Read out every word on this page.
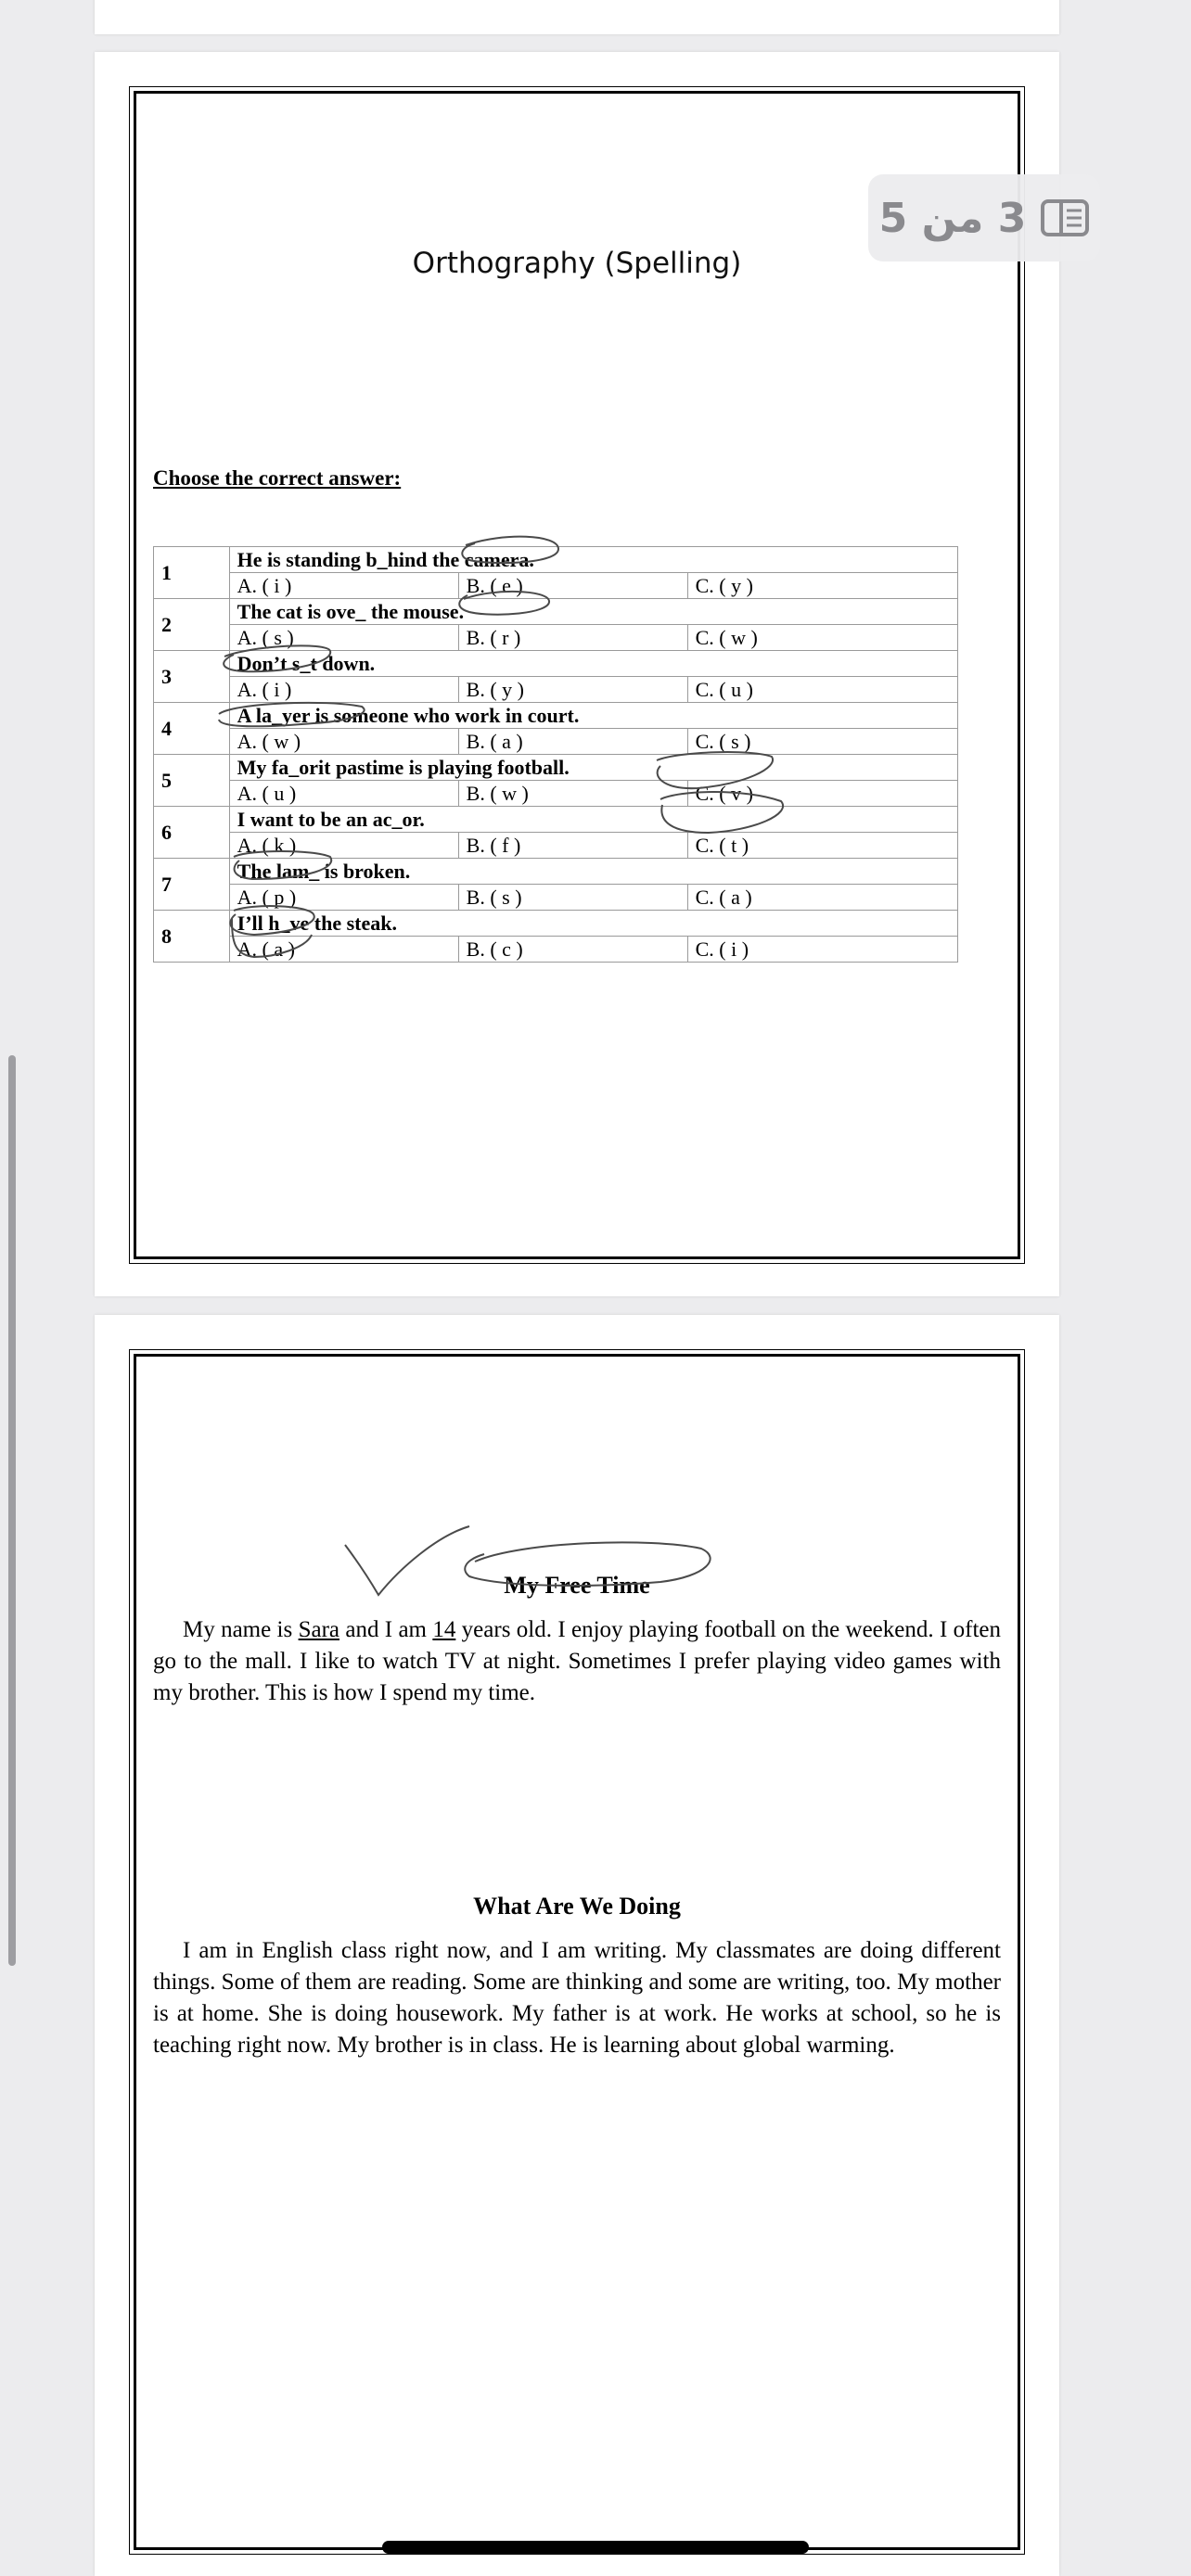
Orthography (Spelling)
Choose the correct answer:
1	He is standing b_hind the camera.		
	A. ( i )	B. ( e )	C. ( y )
2	The cat is ove_ the mouse.		
	A. ( s )	B. ( r )	C. ( w )
3	Don’t s_t down.		
	A. ( i )	B. ( y )	C. ( u )
4	A la_yer is someone who work in court.		
	A. ( w )	B. ( a )	C. ( s )
5	My fa_orit pastime is playing football.		
	A. ( u )	B. ( w )	C. ( v )
6	I want to be an ac_or.		
	A. ( k )	B. ( f )	C. ( t )
7	The lam_ is broken.		
	A. ( p )	B. ( s )	C. ( a )
8	I’ll h_ve the steak.		
	A. ( a )	B. ( c )	C. ( i )
My Free Time
My name is Sara and I am 14 years old. I enjoy playing football on the weekend. I often go to the mall. I like to watch TV at night. Sometimes I prefer playing video games with my brother. This is how I spend my time.
What Are We Doing
I am in English class right now, and I am writing. My classmates are doing different things. Some of them are reading. Some are thinking and some are writing, too. My mother is at home. She is doing housework. My father is at work. He works at school, so he is teaching right now. My brother is in class. He is learning about global warming.
3 من 5
